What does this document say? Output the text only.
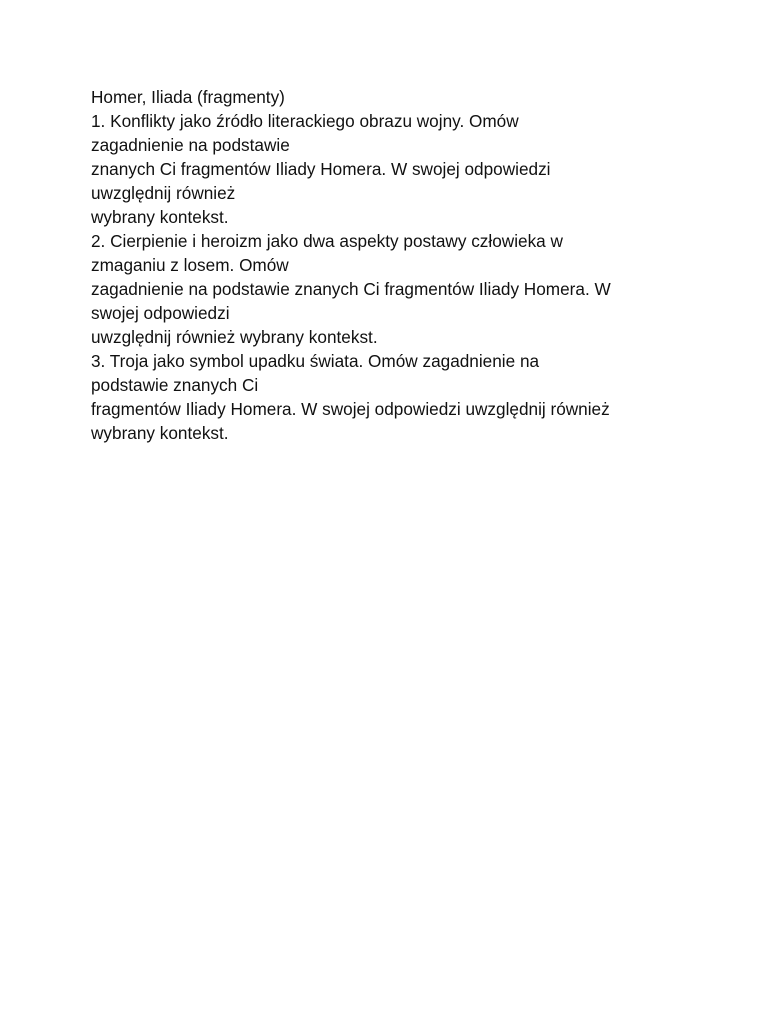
Homer, Iliada (fragmenty)
1. Konflikty jako źródło literackiego obrazu wojny. Omów
zagadnienie na podstawie
znanych Ci fragmentów Iliady Homera. W swojej odpowiedzi
uwzględnij również
wybrany kontekst.
2. Cierpienie i heroizm jako dwa aspekty postawy człowieka w
zmaganiu z losem. Omów
zagadnienie na podstawie znanych Ci fragmentów Iliady Homera. W
swojej odpowiedzi
uwzględnij również wybrany kontekst.
3. Troja jako symbol upadku świata. Omów zagadnienie na
podstawie znanych Ci
fragmentów Iliady Homera. W swojej odpowiedzi uwzględnij również
wybrany kontekst.
